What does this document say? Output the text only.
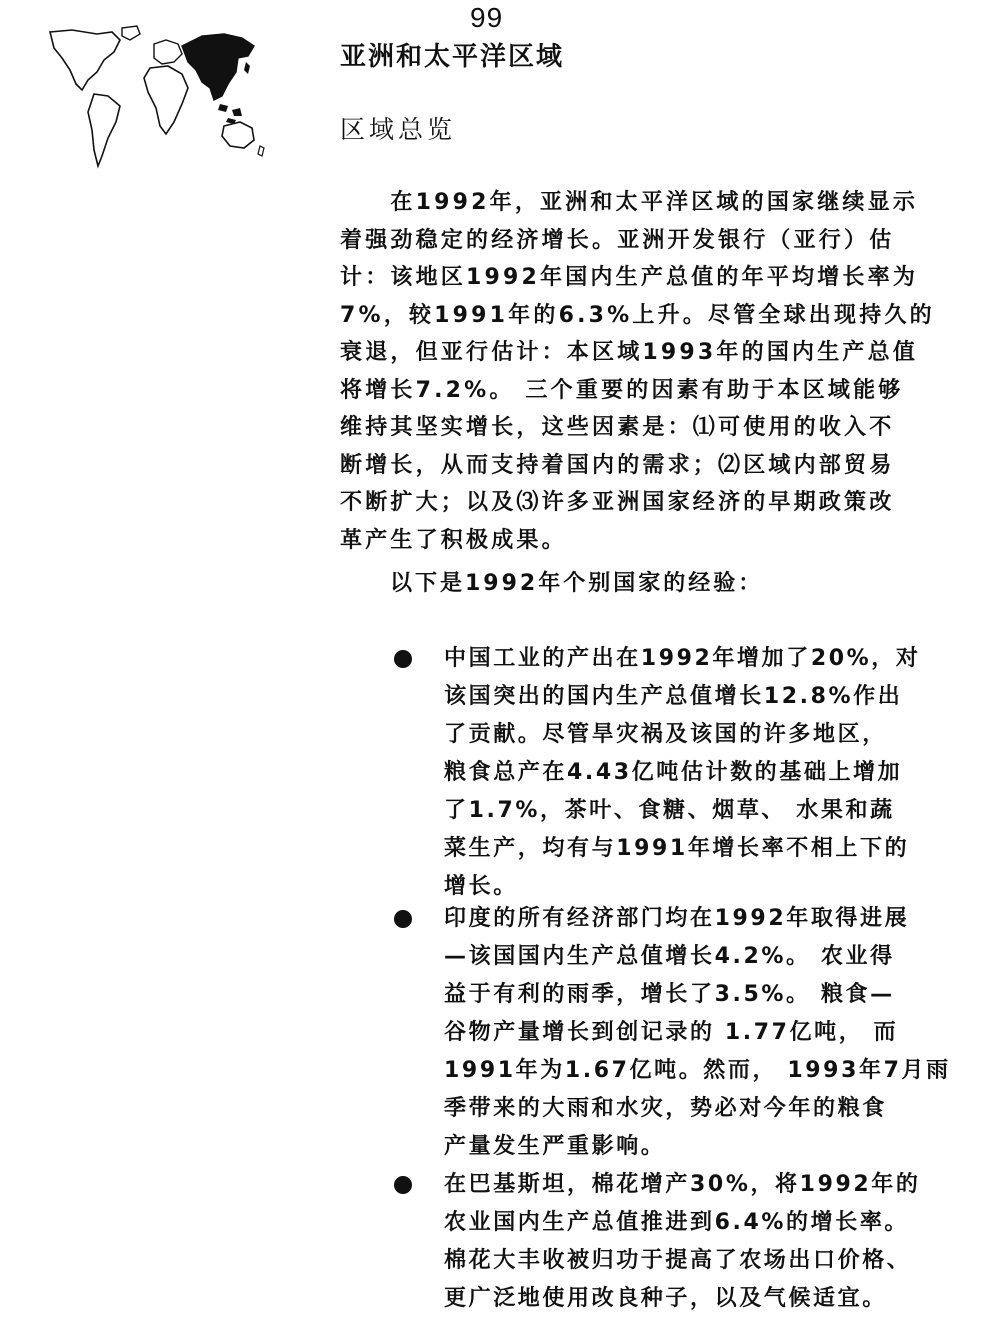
99
亚洲和太平洋区域
区域总览
　　在1992年，亚洲和太平洋区域的国家继续显示
着强劲稳定的经济增长。亚洲开发银行（亚行）估
计：该地区1992年国内生产总值的年平均增长率为
7%，较1991年的6.3%上升。尽管全球出现持久的
衰退，但亚行估计：本区域1993年的国内生产总值
将增长7.2%。 三个重要的因素有助于本区域能够
维持其坚实增长，这些因素是：⑴可使用的收入不
断增长，从而支持着国内的需求；⑵区域内部贸易
不断扩大；以及⑶许多亚洲国家经济的早期政策改
革产生了积极成果。
以下是1992年个别国家的经验：
中国工业的产出在1992年增加了20%，对
该国突出的国内生产总值增长12.8%作出
了贡献。尽管旱灾祸及该国的许多地区，
粮食总产在4.43亿吨估计数的基础上增加
了1.7%，茶叶、食糖、烟草、 水果和蔬
菜生产，均有与1991年增长率不相上下的
增长。
印度的所有经济部门均在1992年取得进展
—该国国内生产总值增长4.2%。 农业得
益于有利的雨季，增长了3.5%。 粮食—
谷物产量增长到创记录的 1.77亿吨， 而
1991年为1.67亿吨。然而， 1993年7月雨
季带来的大雨和水灾，势必对今年的粮食
产量发生严重影响。
在巴基斯坦，棉花增产30%，将1992年的
农业国内生产总值推进到6.4%的增长率。
棉花大丰收被归功于提高了农场出口价格、
更广泛地使用改良种子，以及气候适宜。
